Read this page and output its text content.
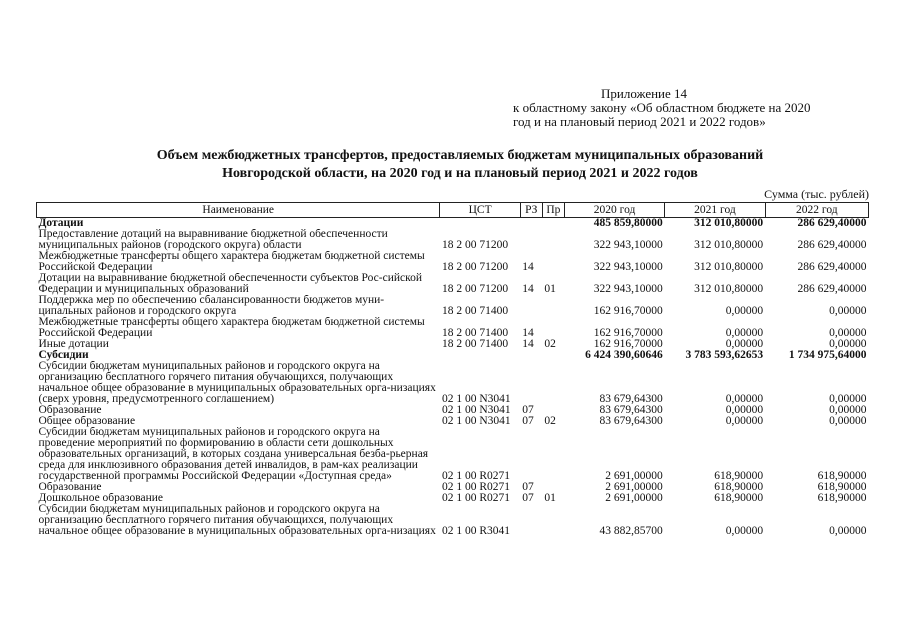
Приложение 14
к областному закону «Об областном бюджете на 2020
год и на плановый период 2021 и 2022 годов»
Объем межбюджетных трансфертов, предоставляемых бюджетам муниципальных образований
Новгородской области, на 2020 год и на плановый период 2021 и 2022 годов
Сумма (тыс. рублей)
Наименование	ЦСТ	РЗ	Пр	2020 год	2021 год	2022 год
Дотации				485 859,80000	312 010,80000	286 629,40000
Предоставление дотаций на выравнивание бюджетной обеспеченности муниципальных районов (городского округа) области	18 2 00 71200			322 943,10000	312 010,80000	286 629,40000
Межбюджетные трансферты общего характера бюджетам бюджетной системы Российской Федерации	18 2 00 71200	14		322 943,10000	312 010,80000	286 629,40000
Дотации на выравнивание бюджетной обеспеченности субъектов Рос-сийской Федерации и муниципальных образований	18 2 00 71200	14	01	322 943,10000	312 010,80000	286 629,40000
Поддержка мер по обеспечению сбалансированности бюджетов муни-ципальных районов и городского округа	18 2 00 71400			162 916,70000	0,00000	0,00000
Межбюджетные трансферты общего характера бюджетам бюджетной системы Российской Федерации	18 2 00 71400	14		162 916,70000	0,00000	0,00000
Иные дотации	18 2 00 71400	14	02	162 916,70000	0,00000	0,00000
Субсидии				6 424 390,60646	3 783 593,62653	1 734 975,64000
Субсидии бюджетам муниципальных районов и городского округа на организацию бесплатного горячего питания обучающихся, получающих начальное общее образование в муниципальных образовательных орга-низациях (сверх уровня, предусмотренного соглашением)	02 1 00 N3041			83 679,64300	0,00000	0,00000
Образование	02 1 00 N3041	07		83 679,64300	0,00000	0,00000
Общее образование	02 1 00 N3041	07	02	83 679,64300	0,00000	0,00000
Субсидии бюджетам муниципальных районов и городского округа на проведение мероприятий по формированию в области сети дошкольных образовательных организаций, в которых создана универсальная безба-рьерная среда для инклюзивного образования детей инвалидов, в рам-ках реализации государственной программы Российской Федерации «Доступная среда»	02 1 00 R0271			2 691,00000	618,90000	618,90000
Образование	02 1 00 R0271	07		2 691,00000	618,90000	618,90000
Дошкольное образование	02 1 00 R0271	07	01	2 691,00000	618,90000	618,90000
Субсидии бюджетам муниципальных районов и городского округа на организацию бесплатного горячего питания обучающихся, получающих начальное общее образование в муниципальных образовательных орга-низациях	02 1 00 R3041			43 882,85700	0,00000	0,00000
